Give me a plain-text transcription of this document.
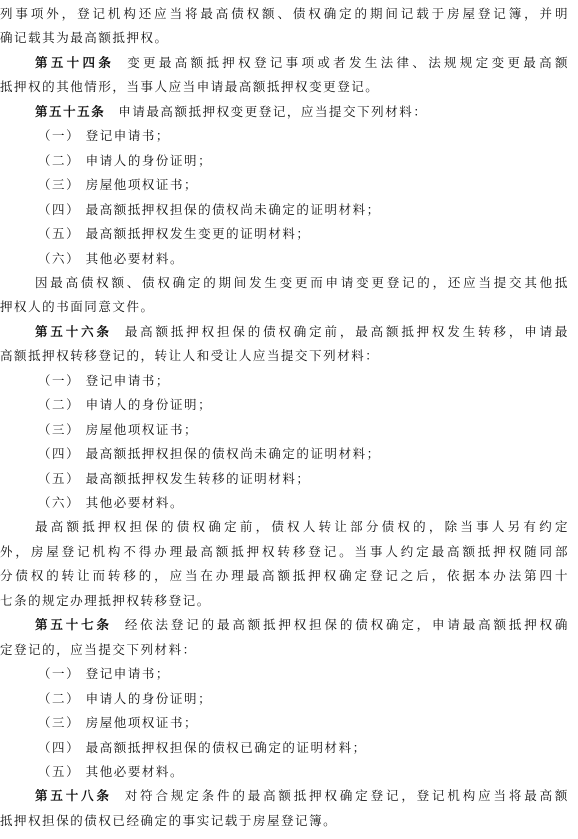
列事项外，登记机构还应当将最高债权额、债权确定的期间记载于房屋登记簿，并明
确记载其为最高额抵押权。
第五十四条 变更最高额抵押权登记事项或者发生法律、法规规定变更最高额
抵押权的其他情形，当事人应当申请最高额抵押权变更登记。
第五十五条 申请最高额抵押权变更登记，应当提交下列材料：
（一） 登记申请书；
（二） 申请人的身份证明；
（三） 房屋他项权证书；
（四） 最高额抵押权担保的债权尚未确定的证明材料；
（五） 最高额抵押权发生变更的证明材料；
（六） 其他必要材料。
因最高债权额、债权确定的期间发生变更而申请变更登记的，还应当提交其他抵
押权人的书面同意文件。
第五十六条 最高额抵押权担保的债权确定前，最高额抵押权发生转移，申请最
高额抵押权转移登记的，转让人和受让人应当提交下列材料：
（一） 登记申请书；
（二） 申请人的身份证明；
（三） 房屋他项权证书；
（四） 最高额抵押权担保的债权尚未确定的证明材料；
（五） 最高额抵押权发生转移的证明材料；
（六） 其他必要材料。
最高额抵押权担保的债权确定前，债权人转让部分债权的，除当事人另有约定
外，房屋登记机构不得办理最高额抵押权转移登记。当事人约定最高额抵押权随同部
分债权的转让而转移的，应当在办理最高额抵押权确定登记之后，依据本办法第四十
七条的规定办理抵押权转移登记。
第五十七条 经依法登记的最高额抵押权担保的债权确定，申请最高额抵押权确
定登记的，应当提交下列材料：
（一） 登记申请书；
（二） 申请人的身份证明；
（三） 房屋他项权证书；
（四） 最高额抵押权担保的债权已确定的证明材料；
（五） 其他必要材料。
第五十八条 对符合规定条件的最高额抵押权确定登记，登记机构应当将最高额
抵押权担保的债权已经确定的事实记载于房屋登记簿。
